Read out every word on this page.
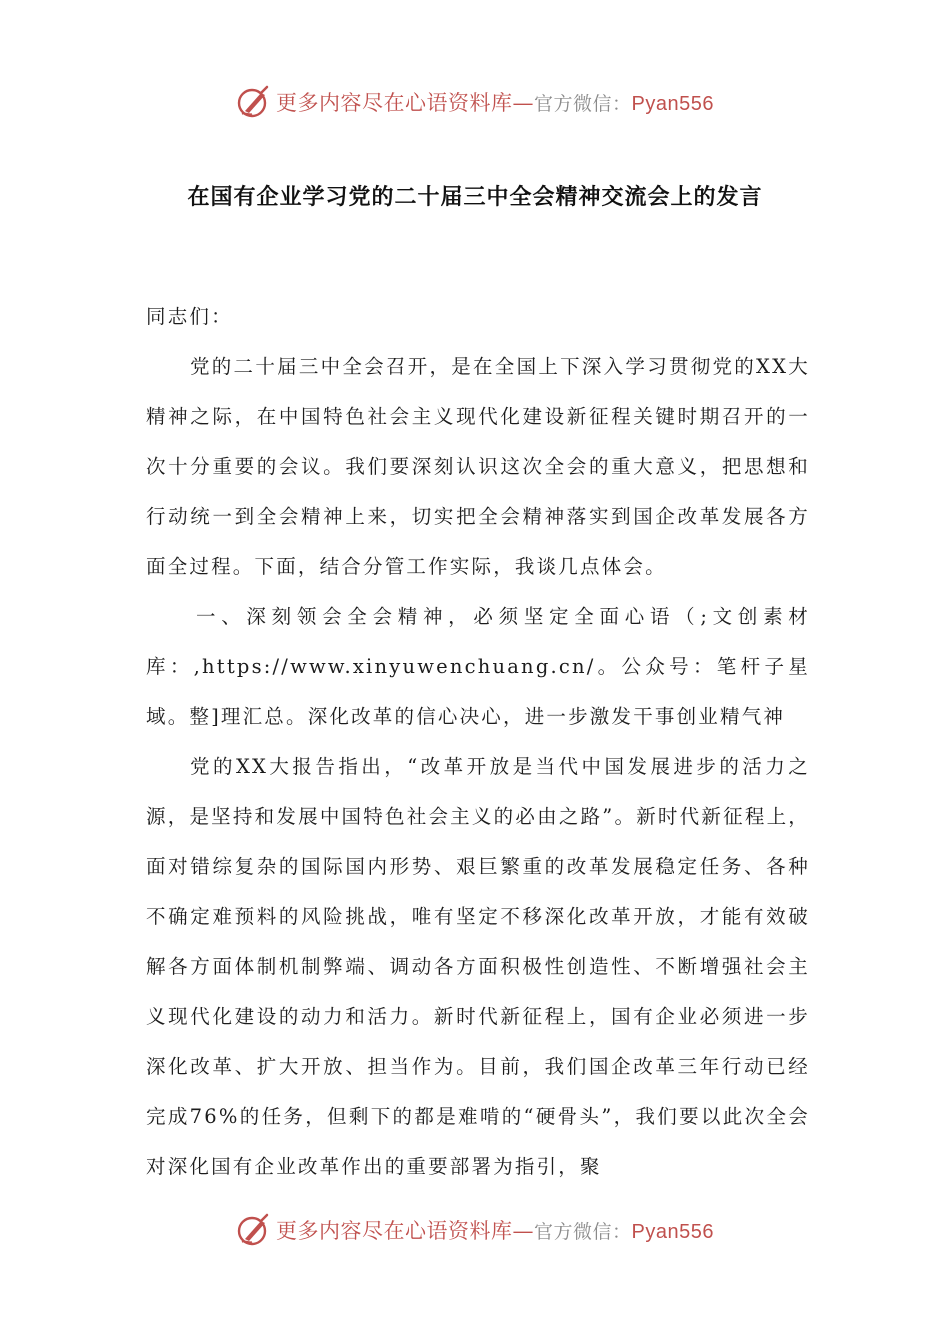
更多内容尽在心语资料库—官方微信：Pyan556
在国有企业学习党的二十届三中全会精神交流会上的发言

同志们：

党的二十届三中全会召开，是在全国上下深入学习贯彻党的XX大精神之际，在中国特色社会主义现代化建设新征程关键时期召开的一次十分重要的会议。我们要深刻认识这次全会的重大意义，把思想和行动统一到全会精神上来，切实把全会精神落实到国企改革发展各方面全过程。下面，结合分管工作实际，我谈几点体会。

一、深刻领会全会精神，必须坚定全面心语（;文创素材库：,https://www.xinyuwenchuang.cn/。公众号：笔杆子星域。整]理汇总。深化改革的信心决心，进一步激发干事创业精气神

党的XX大报告指出，“改革开放是当代中国发展进步的活力之源，是坚持和发展中国特色社会主义的必由之路”。新时代新征程上，面对错综复杂的国际国内形势、艰巨繁重的改革发展稳定任务、各种不确定难预料的风险挑战，唯有坚定不移深化改革开放，才能有效破解各方面体制机制弊端、调动各方面积极性创造性、不断增强社会主义现代化建设的动力和活力。新时代新征程上，国有企业必须进一步深化改革、扩大开放、担当作为。目前，我们国企改革三年行动已经完成76%的任务，但剩下的都是难啃的“硬骨头”，我们要以此次全会对深化国有企业改革作出的重要部署为指引，聚

更多内容尽在心语资料库—官方微信：Pyan556
